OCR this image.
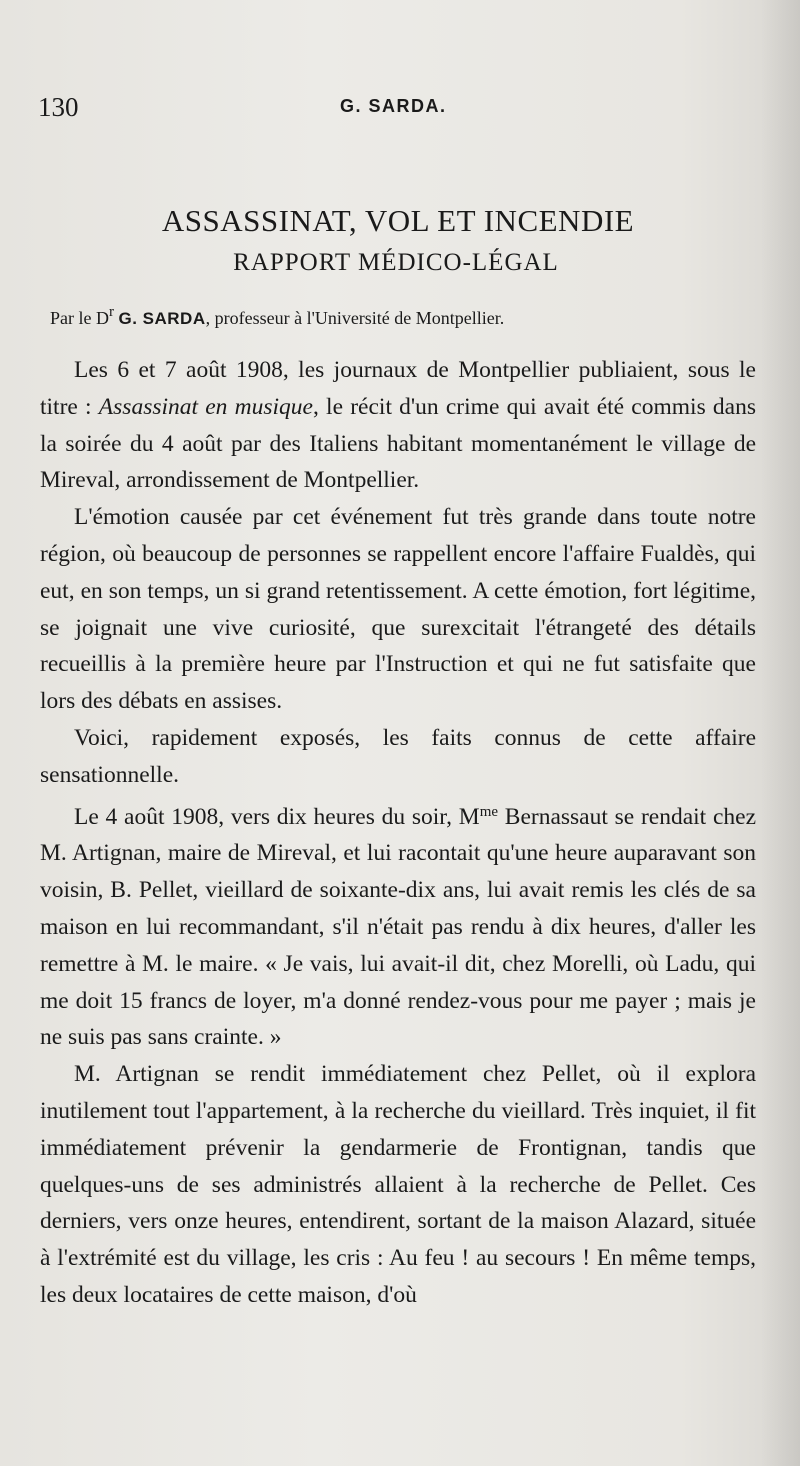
130	G. SARDA.
ASSASSINAT, VOL ET INCENDIE
RAPPORT MÉDICO-LÉGAL
Par le $D^r$ G. SARDA, professeur à l'Université de Montpellier.

Les 6 et 7 août 1908, les journaux de Montpellier publiaient, sous le titre : Assassinat en musique, le récit d'un crime qui avait été commis dans la soirée du 4 août par des Italiens habitant momentanément le village de Mireval, arrondissement de Montpellier.

L'émotion causée par cet événement fut très grande dans toute notre région, où beaucoup de personnes se rappellent encore l'affaire Fualdès, qui eut, en son temps, un si grand retentissement. A cette émotion, fort légitime, se joignait une vive curiosité, que surexcitait l'étrangeté des détails recueillis à la première heure par l'Instruction et qui ne fut satisfaite que lors des débats en assises.

Voici, rapidement exposés, les faits connus de cette affaire sensationnelle.

Le 4 août 1908, vers dix heures du soir, $M^{me}$ Bernassaut se rendait chez M. Artignan, maire de Mireval, et lui racontait qu'une heure auparavant son voisin, B. Pellet, vieillard de soixante-dix ans, lui avait remis les clés de sa maison en lui recommandant, s'il n'était pas rendu à dix heures, d'aller les remettre à M. le maire. « Je vais, lui avait-il dit, chez Morelli, où Ladu, qui me doit 15 francs de loyer, m'a donné rendez-vous pour me payer ; mais je ne suis pas sans crainte. »

M. Artignan se rendit immédiatement chez Pellet, où il explora inutilement tout l'appartement, à la recherche du vieillard. Très inquiet, il fit immédiatement prévenir la gendarmerie de Frontignan, tandis que quelques-uns de ses administrés allaient à la recherche de Pellet. Ces derniers, vers onze heures, entendirent, sortant de la maison Alazard, située à l'extrémité est du village, les cris : Au feu ! au secours ! En même temps, les deux locataires de cette maison, d'où
